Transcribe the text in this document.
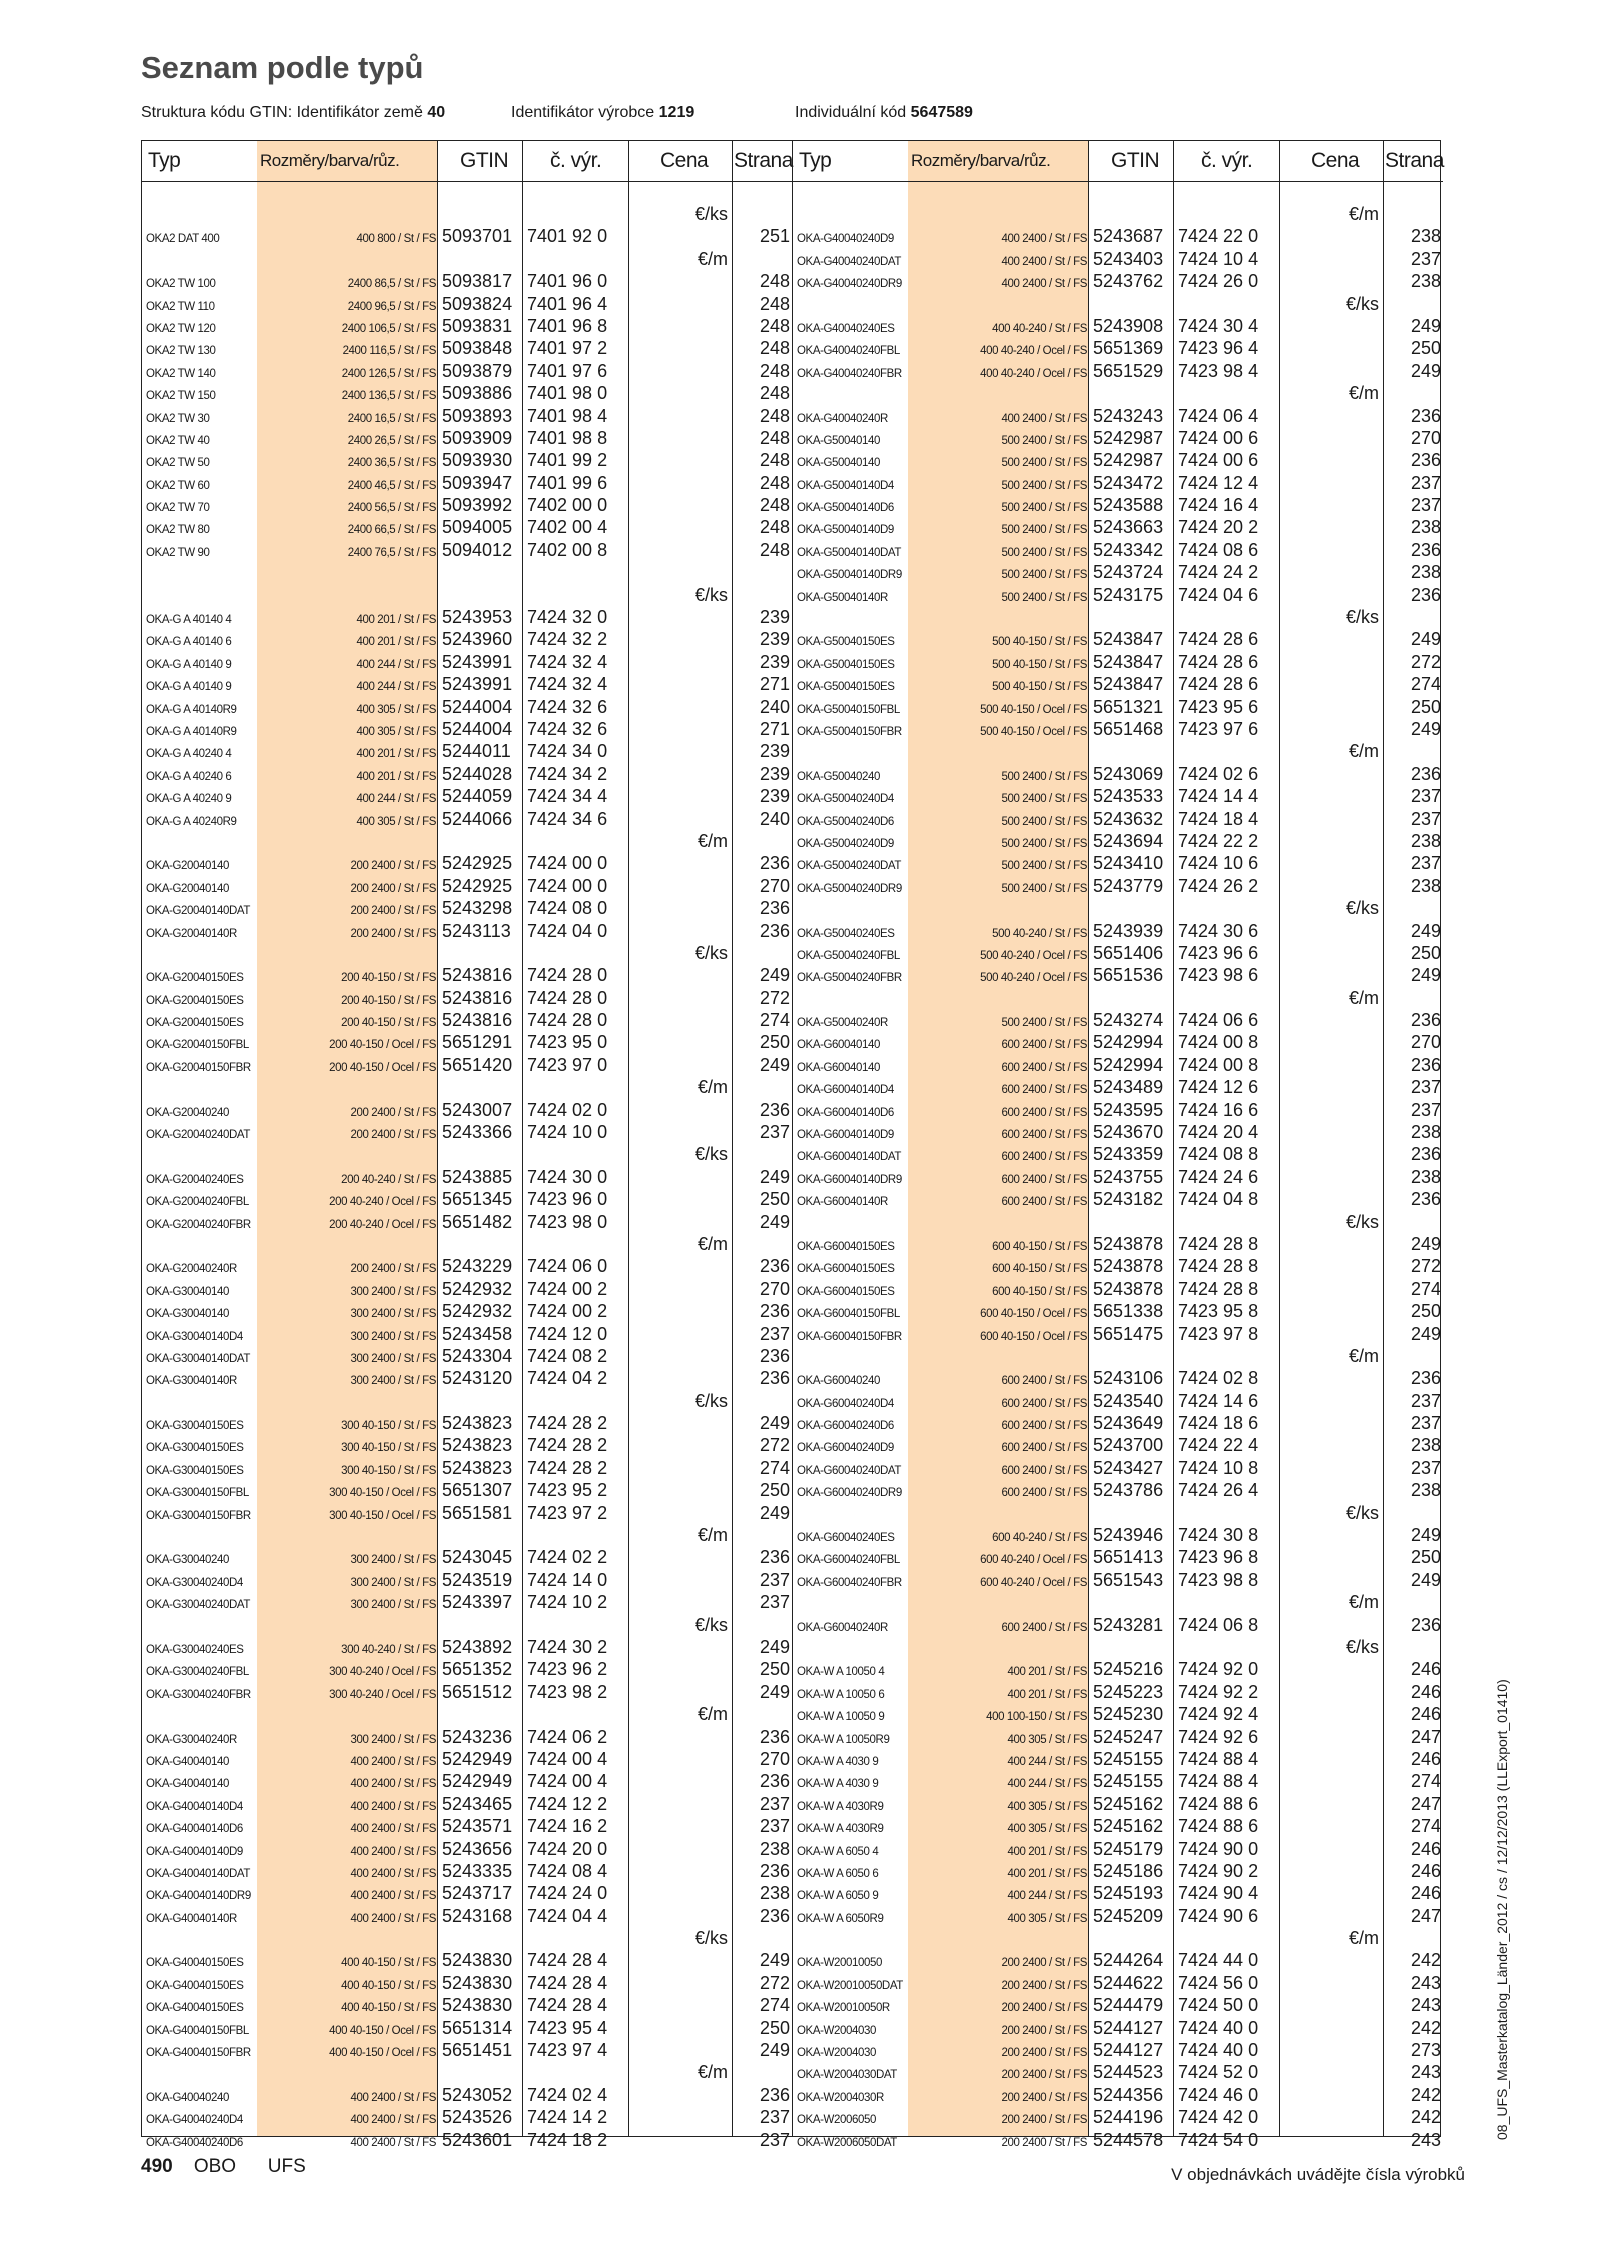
Seznam podle typů
Struktura kódu GTIN: Identifikátor země 40	Identifikátor výrobce 1219	Individuální kód 5647589
Typ	Rozměry/barva/růz.	GTIN č. výr.	Cena Strana
€/ks
OKA2 DAT 400	400 800 / St / FS 5093701 7401 92 0	251
€/m
OKA2 TW 100	2400 86,5 / St / FS 5093817 7401 96 0	248
OKA2 TW 110	2400 96,5 / St / FS 5093824 7401 96 4	248
OKA2 TW 120	2400 106,5 / St / FS 5093831 7401 96 8	248
OKA2 TW 130	2400 116,5 / St / FS 5093848 7401 97 2	248
OKA2 TW 140	2400 126,5 / St / FS 5093879 7401 97 6	248
OKA2 TW 150	2400 136,5 / St / FS 5093886 7401 98 0	248
OKA2 TW 30	2400 16,5 / St / FS 5093893 7401 98 4	248
OKA2 TW 40	2400 26,5 / St / FS 5093909 7401 98 8	248
OKA2 TW 50	2400 36,5 / St / FS 5093930 7401 99 2	248
OKA2 TW 60	2400 46,5 / St / FS 5093947 7401 99 6	248
OKA2 TW 70	2400 56,5 / St / FS 5093992 7402 00 0	248
OKA2 TW 80	2400 66,5 / St / FS 5094005 7402 00 4	248
OKA2 TW 90	2400 76,5 / St / FS 5094012 7402 00 8	248
€/ks
OKA-G A 40140 4	400 201 / St / FS 5243953 7424 32 0	239
OKA-G A 40140 6	400 201 / St / FS 5243960 7424 32 2	239
OKA-G A 40140 9	400 244 / St / FS 5243991 7424 32 4	239
OKA-G A 40140 9	400 244 / St / FS 5243991 7424 32 4	271
OKA-G A 40140R9	400 305 / St / FS 5244004 7424 32 6	240
OKA-G A 40140R9	400 305 / St / FS 5244004 7424 32 6	271
OKA-G A 40240 4	400 201 / St / FS 5244011 7424 34 0	239
OKA-G A 40240 6	400 201 / St / FS 5244028 7424 34 2	239
OKA-G A 40240 9	400 244 / St / FS 5244059 7424 34 4	239
OKA-G A 40240R9	400 305 / St / FS 5244066 7424 34 6	240
€/m
OKA-G20040140	200 2400 / St / FS 5242925 7424 00 0	236
OKA-G20040140	200 2400 / St / FS 5242925 7424 00 0	270
OKA-G20040140DAT	200 2400 / St / FS 5243298 7424 08 0	236
OKA-G20040140R	200 2400 / St / FS 5243113 7424 04 0	236
€/ks
OKA-G20040150ES	200 40-150 / St / FS 5243816 7424 28 0	249
OKA-G20040150ES	200 40-150 / St / FS 5243816 7424 28 0	272
OKA-G20040150ES	200 40-150 / St / FS 5243816 7424 28 0	274
OKA-G20040150FBL	200 40-150 / Ocel / FS 5651291 7423 95 0	250
OKA-G20040150FBR	200 40-150 / Ocel / FS 5651420 7423 97 0	249
€/m
OKA-G20040240	200 2400 / St / FS 5243007 7424 02 0	236
OKA-G20040240DAT	200 2400 / St / FS 5243366 7424 10 0	237
€/ks
OKA-G20040240ES	200 40-240 / St / FS 5243885 7424 30 0	249
OKA-G20040240FBL	200 40-240 / Ocel / FS 5651345 7423 96 0	250
OKA-G20040240FBR	200 40-240 / Ocel / FS 5651482 7423 98 0	249
€/m
OKA-G20040240R	200 2400 / St / FS 5243229 7424 06 0	236
OKA-G30040140	300 2400 / St / FS 5242932 7424 00 2	270
OKA-G30040140	300 2400 / St / FS 5242932 7424 00 2	236
OKA-G30040140D4	300 2400 / St / FS 5243458 7424 12 0	237
OKA-G30040140DAT	300 2400 / St / FS 5243304 7424 08 2	236
OKA-G30040140R	300 2400 / St / FS 5243120 7424 04 2	236
€/ks
OKA-G30040150ES	300 40-150 / St / FS 5243823 7424 28 2	249
OKA-G30040150ES	300 40-150 / St / FS 5243823 7424 28 2	272
OKA-G30040150ES	300 40-150 / St / FS 5243823 7424 28 2	274
OKA-G30040150FBL	300 40-150 / Ocel / FS 5651307 7423 95 2	250
OKA-G30040150FBR	300 40-150 / Ocel / FS 5651581 7423 97 2	249
€/m
OKA-G30040240	300 2400 / St / FS 5243045 7424 02 2	236
OKA-G30040240D4	300 2400 / St / FS 5243519 7424 14 0	237
OKA-G30040240DAT	300 2400 / St / FS 5243397 7424 10 2	237
€/ks
OKA-G30040240ES	300 40-240 / St / FS 5243892 7424 30 2	249
OKA-G30040240FBL	300 40-240 / Ocel / FS 5651352 7423 96 2	250
OKA-G30040240FBR	300 40-240 / Ocel / FS 5651512 7423 98 2	249
€/m
OKA-G30040240R	300 2400 / St / FS 5243236 7424 06 2	236
OKA-G40040140	400 2400 / St / FS 5242949 7424 00 4	270
OKA-G40040140	400 2400 / St / FS 5242949 7424 00 4	236
OKA-G40040140D4	400 2400 / St / FS 5243465 7424 12 2	237
OKA-G40040140D6	400 2400 / St / FS 5243571 7424 16 2	237
OKA-G40040140D9	400 2400 / St / FS 5243656 7424 20 0	238
OKA-G40040140DAT	400 2400 / St / FS 5243335 7424 08 4	236
OKA-G40040140DR9	400 2400 / St / FS 5243717 7424 24 0	238
OKA-G40040140R	400 2400 / St / FS 5243168 7424 04 4	236
€/ks
OKA-G40040150ES	400 40-150 / St / FS 5243830 7424 28 4	249
OKA-G40040150ES	400 40-150 / St / FS 5243830 7424 28 4	272
OKA-G40040150ES	400 40-150 / St / FS 5243830 7424 28 4	274
OKA-G40040150FBL	400 40-150 / Ocel / FS 5651314 7423 95 4	250
OKA-G40040150FBR	400 40-150 / Ocel / FS 5651451 7423 97 4	249
€/m
OKA-G40040240	400 2400 / St / FS 5243052 7424 02 4	236
OKA-G40040240D4	400 2400 / St / FS 5243526 7424 14 2	237
OKA-G40040240D6	400 2400 / St / FS 5243601 7424 18 2	237
Typ	Rozměry/barva/růz.	GTIN č. výr.	Cena Strana
€/m
OKA-G40040240D9	400 2400 / St / FS 5243687 7424 22 0	238
OKA-G40040240DAT	400 2400 / St / FS 5243403 7424 10 4	237
OKA-G40040240DR9	400 2400 / St / FS 5243762 7424 26 0	238
€/ks
OKA-G40040240ES	400 40-240 / St / FS 5243908 7424 30 4	249
OKA-G40040240FBL	400 40-240 / Ocel / FS 5651369 7423 96 4	250
OKA-G40040240FBR	400 40-240 / Ocel / FS 5651529 7423 98 4	249
€/m
OKA-G40040240R	400 2400 / St / FS 5243243 7424 06 4	236
OKA-G50040140	500 2400 / St / FS 5242987 7424 00 6	270
OKA-G50040140	500 2400 / St / FS 5242987 7424 00 6	236
OKA-G50040140D4	500 2400 / St / FS 5243472 7424 12 4	237
OKA-G50040140D6	500 2400 / St / FS 5243588 7424 16 4	237
OKA-G50040140D9	500 2400 / St / FS 5243663 7424 20 2	238
OKA-G50040140DAT	500 2400 / St / FS 5243342 7424 08 6	236
OKA-G50040140DR9	500 2400 / St / FS 5243724 7424 24 2	238
OKA-G50040140R	500 2400 / St / FS 5243175 7424 04 6	236
€/ks
OKA-G50040150ES	500 40-150 / St / FS 5243847 7424 28 6	249
OKA-G50040150ES	500 40-150 / St / FS 5243847 7424 28 6	272
OKA-G50040150ES	500 40-150 / St / FS 5243847 7424 28 6	274
OKA-G50040150FBL	500 40-150 / Ocel / FS 5651321 7423 95 6	250
OKA-G50040150FBR	500 40-150 / Ocel / FS 5651468 7423 97 6	249
€/m
OKA-G50040240	500 2400 / St / FS 5243069 7424 02 6	236
OKA-G50040240D4	500 2400 / St / FS 5243533 7424 14 4	237
OKA-G50040240D6	500 2400 / St / FS 5243632 7424 18 4	237
OKA-G50040240D9	500 2400 / St / FS 5243694 7424 22 2	238
OKA-G50040240DAT	500 2400 / St / FS 5243410 7424 10 6	237
OKA-G50040240DR9	500 2400 / St / FS 5243779 7424 26 2	238
€/ks
OKA-G50040240ES	500 40-240 / St / FS 5243939 7424 30 6	249
OKA-G50040240FBL	500 40-240 / Ocel / FS 5651406 7423 96 6	250
OKA-G50040240FBR	500 40-240 / Ocel / FS 5651536 7423 98 6	249
€/m
OKA-G50040240R	500 2400 / St / FS 5243274 7424 06 6	236
OKA-G60040140	600 2400 / St / FS 5242994 7424 00 8	270
OKA-G60040140	600 2400 / St / FS 5242994 7424 00 8	236
OKA-G60040140D4	600 2400 / St / FS 5243489 7424 12 6	237
OKA-G60040140D6	600 2400 / St / FS 5243595 7424 16 6	237
OKA-G60040140D9	600 2400 / St / FS 5243670 7424 20 4	238
OKA-G60040140DAT	600 2400 / St / FS 5243359 7424 08 8	236
OKA-G60040140DR9	600 2400 / St / FS 5243755 7424 24 6	238
OKA-G60040140R	600 2400 / St / FS 5243182 7424 04 8	236
€/ks
OKA-G60040150ES	600 40-150 / St / FS 5243878 7424 28 8	249
OKA-G60040150ES	600 40-150 / St / FS 5243878 7424 28 8	272
OKA-G60040150ES	600 40-150 / St / FS 5243878 7424 28 8	274
OKA-G60040150FBL	600 40-150 / Ocel / FS 5651338 7423 95 8	250
OKA-G60040150FBR	600 40-150 / Ocel / FS 5651475 7423 97 8	249
€/m
OKA-G60040240	600 2400 / St / FS 5243106 7424 02 8	236
OKA-G60040240D4	600 2400 / St / FS 5243540 7424 14 6	237
OKA-G60040240D6	600 2400 / St / FS 5243649 7424 18 6	237
OKA-G60040240D9	600 2400 / St / FS 5243700 7424 22 4	238
OKA-G60040240DAT	600 2400 / St / FS 5243427 7424 10 8	237
OKA-G60040240DR9	600 2400 / St / FS 5243786 7424 26 4	238
€/ks
OKA-G60040240ES	600 40-240 / St / FS 5243946 7424 30 8	249
OKA-G60040240FBL	600 40-240 / Ocel / FS 5651413 7423 96 8	250
OKA-G60040240FBR	600 40-240 / Ocel / FS 5651543 7423 98 8	249
€/m
OKA-G60040240R	600 2400 / St / FS 5243281 7424 06 8	236
€/ks
OKA-W A 10050 4	400 201 / St / FS 5245216 7424 92 0	246
OKA-W A 10050 6	400 201 / St / FS 5245223 7424 92 2	246
OKA-W A 10050 9	400 100-150 / St / FS 5245230 7424 92 4	246
OKA-W A 10050R9	400 305 / St / FS 5245247 7424 92 6	247
OKA-W A 4030 9	400 244 / St / FS 5245155 7424 88 4	246
OKA-W A 4030 9	400 244 / St / FS 5245155 7424 88 4	274
OKA-W A 4030R9	400 305 / St / FS 5245162 7424 88 6	247
OKA-W A 4030R9	400 305 / St / FS 5245162 7424 88 6	274
OKA-W A 6050 4	400 201 / St / FS 5245179 7424 90 0	246
OKA-W A 6050 6	400 201 / St / FS 5245186 7424 90 2	246
OKA-W A 6050 9	400 244 / St / FS 5245193 7424 90 4	246
OKA-W A 6050R9	400 305 / St / FS 5245209 7424 90 6	247
€/m
OKA-W20010050	200 2400 / St / FS 5244264 7424 44 0	242
OKA-W20010050DAT	200 2400 / St / FS 5244622 7424 56 0	243
OKA-W20010050R	200 2400 / St / FS 5244479 7424 50 0	243
OKA-W2004030	200 2400 / St / FS 5244127 7424 40 0	242
OKA-W2004030	200 2400 / St / FS 5244127 7424 40 0	273
OKA-W2004030DAT	200 2400 / St / FS 5244523 7424 52 0	243
OKA-W2004030R	200 2400 / St / FS 5244356 7424 46 0	242
OKA-W2006050	200 2400 / St / FS 5244196 7424 42 0	242
OKA-W2006050DAT	200 2400 / St / FS 5244578 7424 54 0	243
490 OBO UFS	V objednávkách uvádějte čísla výrobků
08_UFS_Masterkatalog_Länder_2012 / cs / 12/12/2013 (LLExport_01410)
